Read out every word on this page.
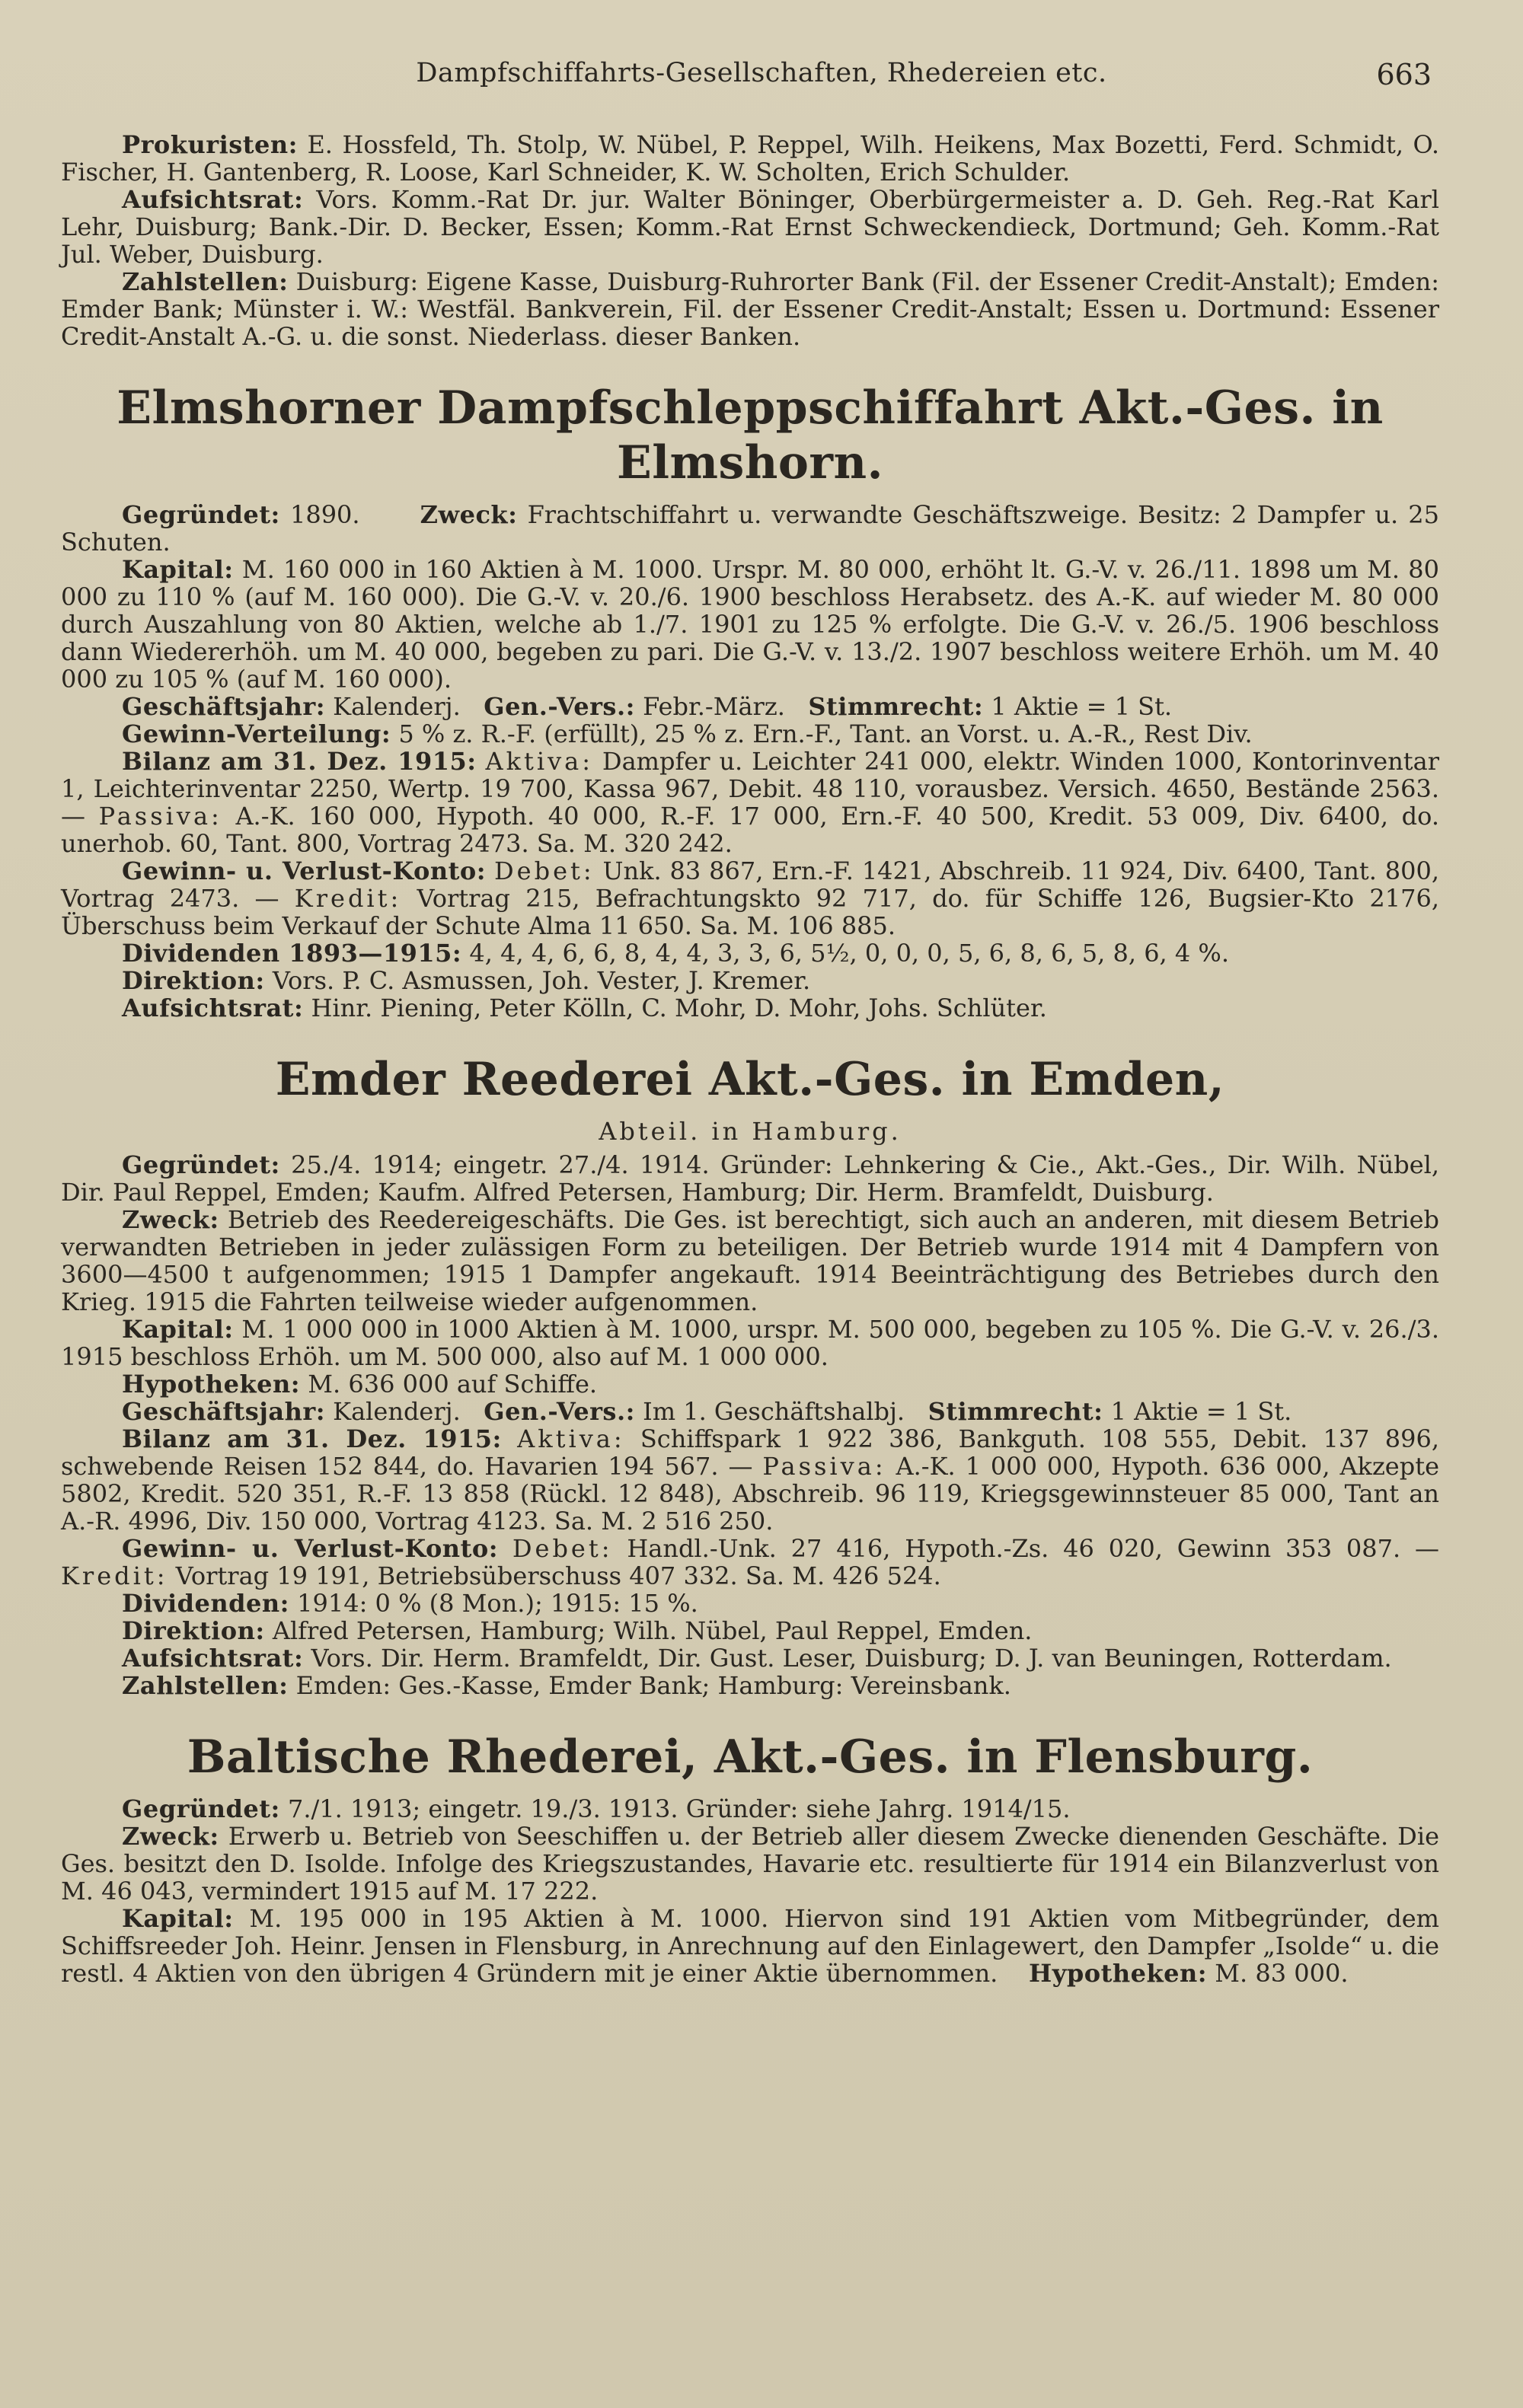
Dampfschiffahrts-Gesellschaften, Rhedereien etc.	663

Prokuristen: E. Hossfeld, Th. Stolp, W. Nübel, P. Reppel, Wilh. Heikens, Max Bozetti, Ferd. Schmidt, O. Fischer, H. Gantenberg, R. Loose, Karl Schneider, K. W. Scholten, Erich Schulder.

Aufsichtsrat: Vors. Komm.-Rat Dr. jur. Walter Böninger, Oberbürgermeister a. D. Geh. Reg.-Rat Karl Lehr, Duisburg; Bank.-Dir. D. Becker, Essen; Komm.-Rat Ernst Schweckendieck, Dortmund; Geh. Komm.-Rat Jul. Weber, Duisburg.

Zahlstellen: Duisburg: Eigene Kasse, Duisburg-Ruhrorter Bank (Fil. der Essener Credit-Anstalt); Emden: Emder Bank; Münster i. W.: Westfäl. Bankverein, Fil. der Essener Credit-Anstalt; Essen u. Dortmund: Essener Credit-Anstalt A.-G. u. die sonst. Niederlass. dieser Banken.

Elmshorner Dampfschleppschiffahrt Akt.-Ges. in Elmshorn.

Gegründet: 1890. Zweck: Frachtschiffahrt u. verwandte Geschäftszweige. Besitz: 2 Dampfer u. 25 Schuten.

Kapital: M. 160 000 in 160 Aktien à M. 1000. Urspr. M. 80 000, erhöht lt. G.-V. v. 26./11. 1898 um M. 80 000 zu 110 % (auf M. 160 000). Die G.-V. v. 20./6. 1900 beschloss Herabsetz. des A.-K. auf wieder M. 80 000 durch Auszahlung von 80 Aktien, welche ab 1./7. 1901 zu 125 % erfolgte. Die G.-V. v. 26./5. 1906 beschloss dann Wiedererhöh. um M. 40 000, begeben zu pari. Die G.-V. v. 13./2. 1907 beschloss weitere Erhöh. um M. 40 000 zu 105 % (auf M. 160 000).

Geschäftsjahr: Kalenderj. Gen.-Vers.: Febr.-März. Stimmrecht: 1 Aktie = 1 St.

Gewinn-Verteilung: 5 % z. R.-F. (erfüllt), 25 % z. Ern.-F., Tant. an Vorst. u. A.-R., Rest Div.

Bilanz am 31. Dez. 1915: Aktiva: Dampfer u. Leichter 241 000, elektr. Winden 1000, Kontorinventar 1, Leichterinventar 2250, Wertp. 19 700, Kassa 967, Debit. 48 110, vorausbez. Versich. 4650, Bestände 2563. — Passiva: A.-K. 160 000, Hypoth. 40 000, R.-F. 17 000, Ern.-F. 40 500, Kredit. 53 009, Div. 6400, do. unerhob. 60, Tant. 800, Vortrag 2473. Sa. M. 320 242.

Gewinn- u. Verlust-Konto: Debet: Unk. 83 867, Ern.-F. 1421, Abschreib. 11 924, Div. 6400, Tant. 800, Vortrag 2473. — Kredit: Vortrag 215, Befrachtungskto 92 717, do. für Schiffe 126, Bugsier-Kto 2176, Überschuss beim Verkauf der Schute Alma 11 650. Sa. M. 106 885.

Dividenden 1893—1915: 4, 4, 4, 6, 6, 8, 4, 4, 3, 3, 6, 5½, 0, 0, 0, 5, 6, 8, 6, 5, 8, 6, 4 %.

Direktion: Vors. P. C. Asmussen, Joh. Vester, J. Kremer.

Aufsichtsrat: Hinr. Piening, Peter Kölln, C. Mohr, D. Mohr, Johs. Schlüter.

Emder Reederei Akt.-Ges. in Emden,
Abteil. in Hamburg.

Gegründet: 25./4. 1914; eingetr. 27./4. 1914. Gründer: Lehnkering & Cie., Akt.-Ges., Dir. Wilh. Nübel, Dir. Paul Reppel, Emden; Kaufm. Alfred Petersen, Hamburg; Dir. Herm. Bramfeldt, Duisburg.

Zweck: Betrieb des Reedereigeschäfts. Die Ges. ist berechtigt, sich auch an anderen, mit diesem Betrieb verwandten Betrieben in jeder zulässigen Form zu beteiligen. Der Betrieb wurde 1914 mit 4 Dampfern von 3600—4500 t aufgenommen; 1915 1 Dampfer angekauft. 1914 Beeinträchtigung des Betriebes durch den Krieg. 1915 die Fahrten teilweise wieder aufgenommen.

Kapital: M. 1 000 000 in 1000 Aktien à M. 1000, urspr. M. 500 000, begeben zu 105 %. Die G.-V. v. 26./3. 1915 beschloss Erhöh. um M. 500 000, also auf M. 1 000 000.

Hypotheken: M. 636 000 auf Schiffe.

Geschäftsjahr: Kalenderj. Gen.-Vers.: Im 1. Geschäftshalbj. Stimmrecht: 1 Aktie = 1 St.

Bilanz am 31. Dez. 1915: Aktiva: Schiffspark 1 922 386, Bankguth. 108 555, Debit. 137 896, schwebende Reisen 152 844, do. Havarien 194 567. — Passiva: A.-K. 1 000 000, Hypoth. 636 000, Akzepte 5802, Kredit. 520 351, R.-F. 13 858 (Rückl. 12 848), Abschreib. 96 119, Kriegsgewinnsteuer 85 000, Tant an A.-R. 4996, Div. 150 000, Vortrag 4123. Sa. M. 2 516 250.

Gewinn- u. Verlust-Konto: Debet: Handl.-Unk. 27 416, Hypoth.-Zs. 46 020, Gewinn 353 087. — Kredit: Vortrag 19 191, Betriebsüberschuss 407 332. Sa. M. 426 524.

Dividenden: 1914: 0 % (8 Mon.); 1915: 15 %.

Direktion: Alfred Petersen, Hamburg; Wilh. Nübel, Paul Reppel, Emden.

Aufsichtsrat: Vors. Dir. Herm. Bramfeldt, Dir. Gust. Leser, Duisburg; D. J. van Beuningen, Rotterdam.

Zahlstellen: Emden: Ges.-Kasse, Emder Bank; Hamburg: Vereinsbank.

Baltische Rhederei, Akt.-Ges. in Flensburg.

Gegründet: 7./1. 1913; eingetr. 19./3. 1913. Gründer: siehe Jahrg. 1914/15.

Zweck: Erwerb u. Betrieb von Seeschiffen u. der Betrieb aller diesem Zwecke dienenden Geschäfte. Die Ges. besitzt den D. Isolde. Infolge des Kriegszustandes, Havarie etc. resultierte für 1914 ein Bilanzverlust von M. 46 043, vermindert 1915 auf M. 17 222.

Kapital: M. 195 000 in 195 Aktien à M. 1000. Hiervon sind 191 Aktien vom Mitbegründer, dem Schiffsreeder Joh. Heinr. Jensen in Flensburg, in Anrechnung auf den Einlagewert, den Dampfer „Isolde“ u. die restl. 4 Aktien von den übrigen 4 Gründern mit je einer Aktie übernommen. Hypotheken: M. 83 000.
